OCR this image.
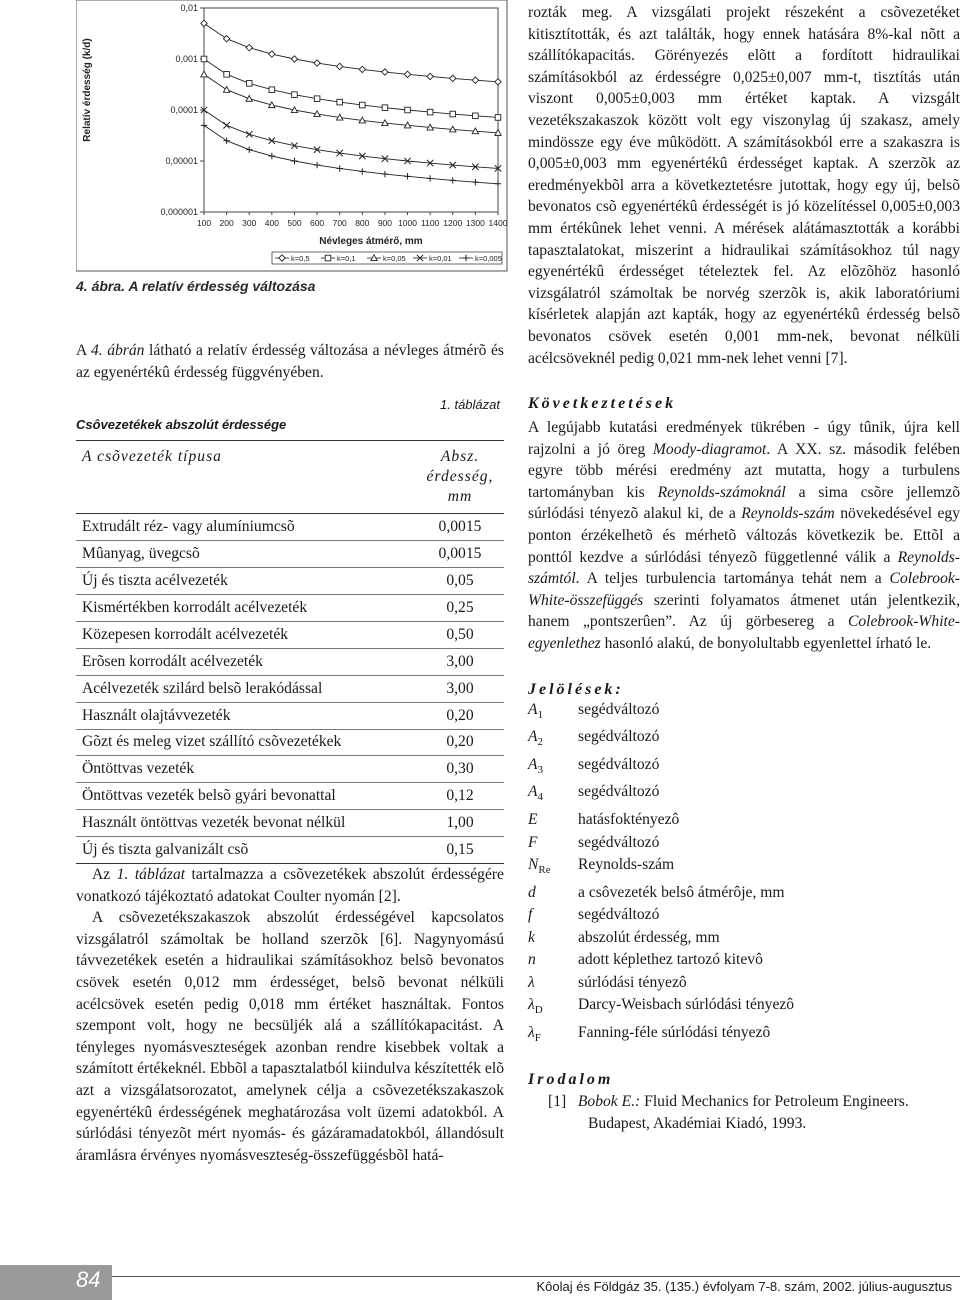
0,01
0,001
0,0001
0,00001
0,000001
100 200 300 400 500 600 700 800 900 1000 1100 1200 1300 1400
Névleges átmérő, mm
Relatív érdesség (k/d)
k=0,5	k=0,1	k=0,05	k=0,01	k=0,005
4. ábra. A relatív érdesség változása

A 4. ábrán látható a relatív érdesség változása a névleges átmérõ és az egyenértékû érdesség függvényében.

1. táblázat
Csôvezetékek abszolút érdessége
A csõvezeték típusa	Absz. érdesség, mm
Extrudált réz- vagy alumíniumcsõ	0,0015
Mûanyag, üvegcsõ	0,0015
Új és tiszta acélvezeték	0,05
Kismértékben korrodált acélvezeték	0,25
Közepesen korrodált acélvezeték	0,50
Erõsen korrodált acélvezeték	3,00
Acélvezeték szilárd belsõ lerakódással	3,00
Használt olajtávvezeték	0,20
Gõzt és meleg vizet szállító csõvezetékek	0,20
Öntöttvas vezeték	0,30
Öntöttvas vezeték belsõ gyári bevonattal	0,12
Használt öntöttvas vezeték bevonat nélkül	1,00
Új és tiszta galvanizált csõ	0,15

Az 1. táblázat tartalmazza a csõvezetékek abszolút érdességére vonatkozó tájékoztató adatokat Coulter nyomán [2].

A csõvezetékszakaszok abszolút érdességével kapcsolatos vizsgálatról számoltak be holland szerzõk [6]. Nagynyomású távvezetékek esetén a hidraulikai számításokhoz belsõ bevonatos csövek esetén 0,012 mm érdességet, belsõ bevonat nélküli acélcsövek esetén pedig 0,018 mm értéket használtak. Fontos szempont volt, hogy ne becsüljék alá a szállítókapacitást. A tényleges nyomásveszteségek azonban rendre kisebbek voltak a számított értékeknél. Ebbõl a tapasztalatból kiindulva készítették elõ azt a vizsgálatsorozatot, amelynek célja a csõvezetékszakaszok egyenértékû érdességének meghatározása volt üzemi adatokból. A súrlódási tényezõt mért nyomás- és gázáramadatokból, állandósult áramlásra érvényes nyomásveszteség-összefüggésbõl hatá-

rozták meg. A vizsgálati projekt részeként a csõvezetéket kitisztították, és azt találták, hogy ennek hatására 8%-kal nõtt a szállítókapacitás. Görényezés elõtt a fordított hidraulikai számításokból az érdességre 0,025±0,007 mm-t, tisztítás után viszont 0,005±0,003 mm értéket kaptak. A vizsgált vezetékszakaszok között volt egy viszonylag új szakasz, amely mindössze egy éve mûködött. A számításokból erre a szakaszra is 0,005±0,003 mm egyenértékû érdességet kaptak. A szerzõk az eredményekbõl arra a következtetésre jutottak, hogy egy új, belsõ bevonatos csõ egyenértékû érdességét is jó közelítéssel 0,005±0,003 mm értékûnek lehet venni. A mérések alátámasztották a korábbi tapasztalatokat, miszerint a hidraulikai számításokhoz túl nagy egyenértékû érdességet tételeztek fel. Az elõzõhöz hasonló vizsgálatról számoltak be norvég szerzõk is, akik laboratóriumi kísérletek alapján azt kapták, hogy az egyenértékû érdesség belsõ bevonatos csövek esetén 0,001 mm-nek, bevonat nélküli acélcsöveknél pedig 0,021 mm-nek lehet venni [7].

Következtetések

A legújabb kutatási eredmények tükrében - úgy tûnik, újra kell rajzolni a jó öreg Moody-diagramot. A XX. sz. második felében egyre több mérési eredmény azt mutatta, hogy a turbulens tartományban kis Reynolds-számoknál a sima csõre jellemzõ súrlódási tényezõ alakul ki, de a Reynolds-szám növekedésével egy ponton érzékelhetõ és mérhetõ változás következik be. Ettõl a ponttól kezdve a súrlódási tényezõ függetlenné válik a Reynolds-számtól. A teljes turbulencia tartománya tehát nem a Colebrook-White-összefüggés szerinti folyamatos átmenet után jelentkezik, hanem „pontszerûen”. Az új görbesereg a Colebrook-White-egyenlethez hasonló alakú, de bonyolultabb egyenlettel írható le.

Jelölések:

$A_1$	segédváltozó
$A_2$	segédváltozó
$A_3$	segédváltozó
$A_4$	segédváltozó
E	hatásfoktényezô
F	segédváltozó
$N_{Re}$	Reynolds-szám
d	a csôvezeték belsô átmérôje, mm
f	segédváltozó
k	abszolút érdesség, mm
n	adott képlethez tartozó kitevô
λ	súrlódási tényezô
$\lambda_D$	Darcy-Weisbach súrlódási tényezô
$\lambda_F$	Fanning-féle súrlódási tényezô

Irodalom

[1] Bobok E.: Fluid Mechanics for Petroleum Engineers. Budapest, Akadémiai Kiadó, 1993.

84	Kôolaj és Földgáz 35. (135.) évfolyam 7-8. szám, 2002. július-augusztus
